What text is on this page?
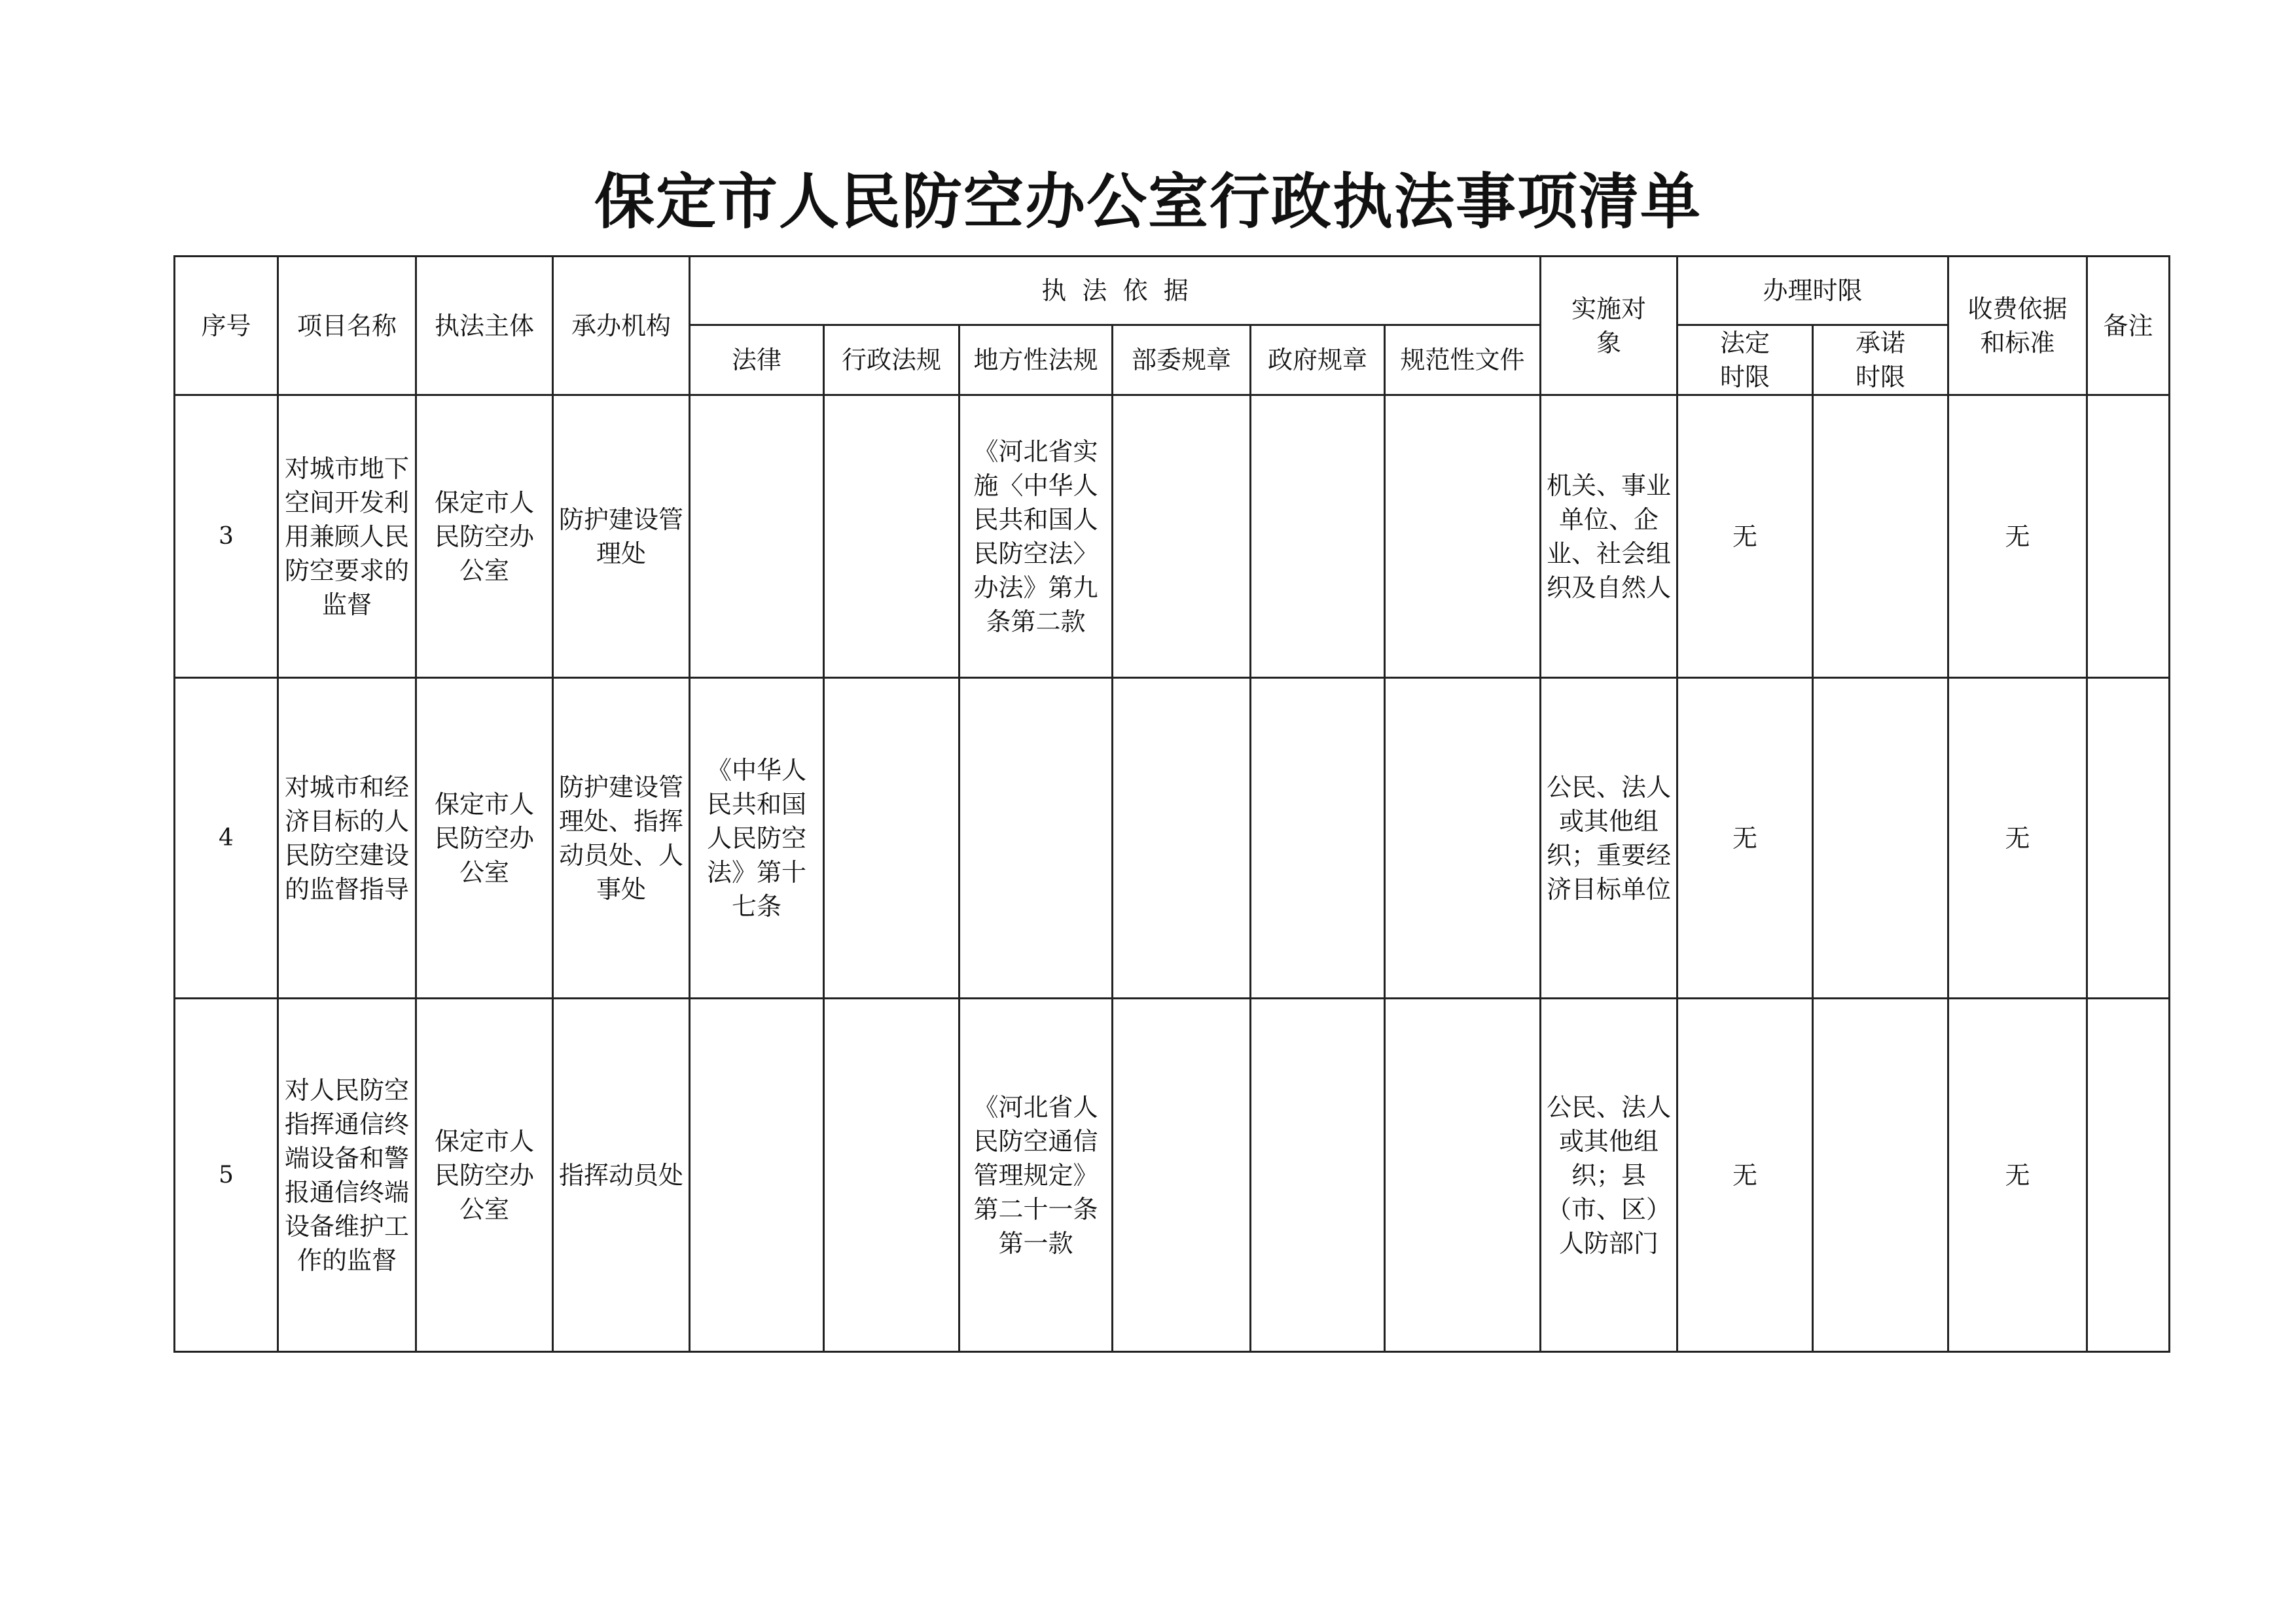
保定市人民防空办公室行政执法事项清单
序号	项目名称	执法主体	承办机构	执  法  依  据						实施对象	办理时限		收费依据和标准	备注
				法律	行政法规	地方性法规	部委规章	政府规章	规范性文件		法定时限	承诺时限		
3	对城市地下空间开发利用兼顾人民防空要求的监督	保定市人民防空办公室	防护建设管理处			《河北省实施〈中华人民共和国人民防空法〉办法》第九条第二款				机关、事业单位、企业、社会组织及自然人	无		无	
4	对城市和经济目标的人民防空建设的监督指导	保定市人民防空办公室	防护建设管理处、指挥动员处、人事处	《中华人民共和国人民防空法》第十七条						公民、法人或其他组织；重要经济目标单位	无		无	
5	对人民防空指挥通信终端设备和警报通信终端设备维护工作的监督	保定市人民防空办公室	指挥动员处			《河北省人民防空通信管理规定》第二十一条第一款				公民、法人或其他组织；县（市、区）人防部门	无		无	
